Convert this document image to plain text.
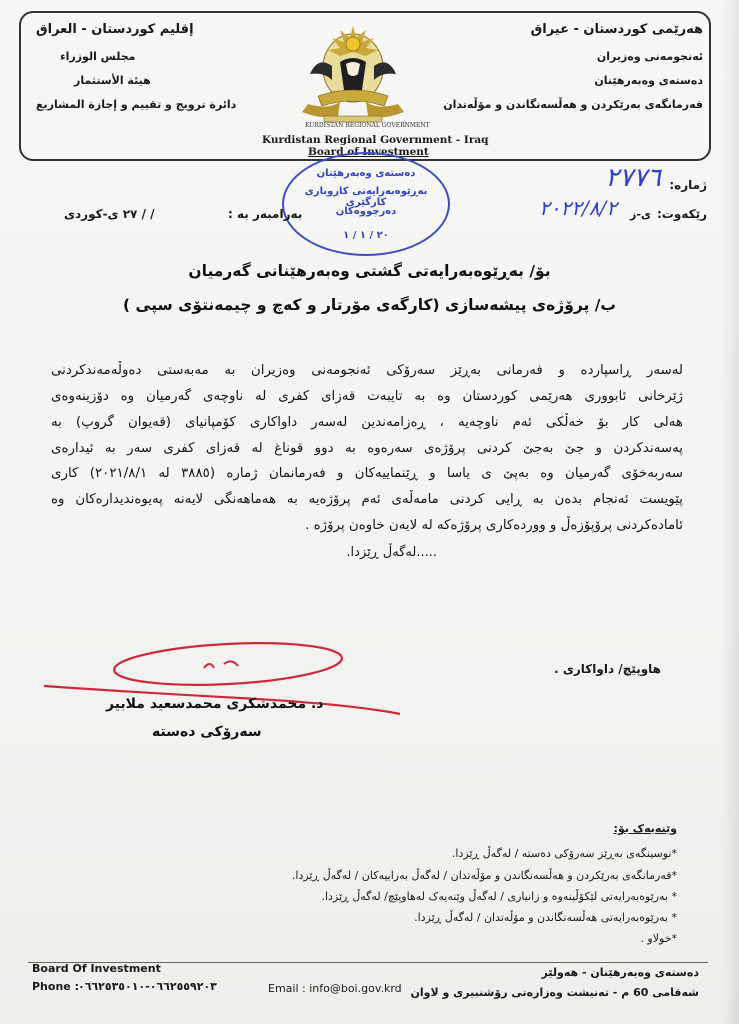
إقليم كوردستان - العراق
مجلس الوزراء
هيئة الأستثمار
دائرة ترويج و تقييم و إجازة المشاريع
هەرێمی کوردستان - عیراق
ئەنجومەنی وەزیران
دەستەی وەبەرهێنان
فەرمانگەی بەرێکردن و هەڵسەنگاندن و مۆڵەتدان
KURDISTAN REGIONAL GOVERNMENT
Kurdistan Regional Government - Iraq
Board of Investment
دەستەی وەبەرهێنان
بەڕێوەبەرایەتی کاروباری کارگێری
دەرچووەکان
٢٠ / ١ / ١
ژمارە:
٢٧٧٦
رێکەوت:
٢٠٢٢/٨/٢ ی-ز
بەرامبەر بە :
/ / ٢٧ ی-کوردی
بۆ/ بەڕێوەبەرایەتی گشتی وەبەرهێنانی گەرمیان
ب/ پرۆژەی پیشەسازی (کارگەی مۆرتار و کەچ و چیمەنتۆی سپی )
لەسەر ڕاسپاردە و فەرمانی بەڕێز سەرۆکی ئەنجومەنی وەزیران بە مەبەستی دەوڵەمەندکردنی
ژێرخانی ئابووری هەرێمی کوردستان وە بە تایبەت قەزای کفری لە ناوچەی گەرمیان وە دۆزینەوەی
هەلی کار بۆ خەڵکی ئەم ناوچەیە ، ڕەزامەندین لەسەر داواکاری کۆمپانیای (قەیوان گروپ) بە
پەسەندکردن و جێ بەجێ کردنی پرۆژەی سەرەوە بە دوو قوناغ لە قەزای کفری سەر بە ئیدارەی
سەربەخۆی گەرمیان وە بەپێ ی یاسا و ڕێنماییەکان و فەرمانمان ژمارە (٣٨٨٥ لە ٢٠٢١/٨/١) کاری
پێویست ئەنجام بدەن بە ڕایی کردنی مامەڵەی ئەم پرۆژەیە بە هەماهەنگی لایەنە پەیوەندیدارەکان وە
ئامادەکردنی پرۆپۆزەڵ و ووردەکاری پرۆژەکە لە لایەن خاوەن پرۆژە .
.....لەگەڵ ڕێزدا.
هاوپێچ/ داواکاری .
د. محمدشكرى محمدسعيد ملابير
سەرۆکی دەستە
وێنەیەک بۆ:
*نوسینگەی بەڕێز سەرۆکی دەستە / لەگەڵ ڕێزدا.
*فەرمانگەی بەرێکردن و هەڵسەنگاندن و مۆڵەتدان / لەگەڵ بەراییەکان / لەگەڵ ڕێزدا.
* بەرێوەبەرایەتی لێکۆڵینەوە و زانیاری / لەگەڵ وێنەیەک لەهاوپێچ/ لەگەڵ ڕێزدا.
* بەرێوەبەرایەتی هەڵسەنگاندن و مۆڵەتدان / لەگەڵ ڕێزدا.
*خولاو .
Board Of Investment
Phone : ٠٦٦٢٥٥٩٢٠٣-٠٦٦٢٥٣٥٠١٠	Email : info@boi.gov.krd
دەستەی وەبەرهێنان - هەولێر
شەقامی 60 م - تەنیشت وەزارەتی رۆشنبیری و لاوان
